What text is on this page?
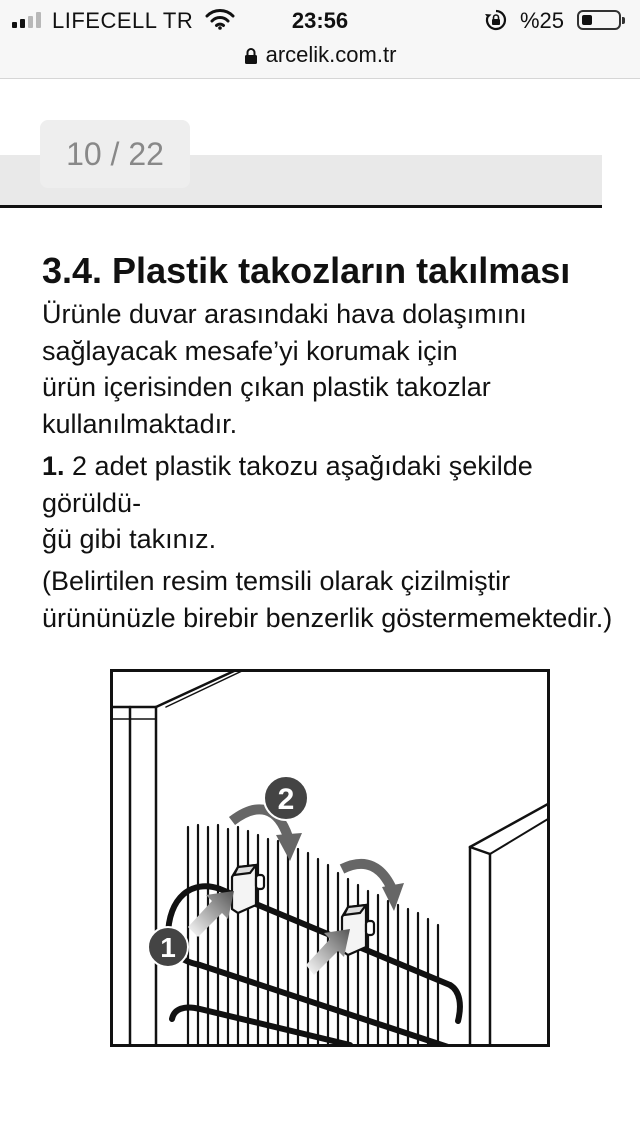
LIFECELL TR	23:56	%25
arcelik.com.tr
10 / 22
3.4. Plastik takozların takılması
Ürünle duvar arasındaki hava dolaşımını
sağlayacak mesafe’yi korumak için
ürün içerisinden çıkan plastik takozlar
kullanılmaktadır.
1. 2 adet plastik takozu aşağıdaki şekilde görüldü-
ğü gibi takınız.
(Belirtilen resim temsili olarak çizilmiştir
ürününüzle birebir benzerlik göstermemektedir.)
1
2
